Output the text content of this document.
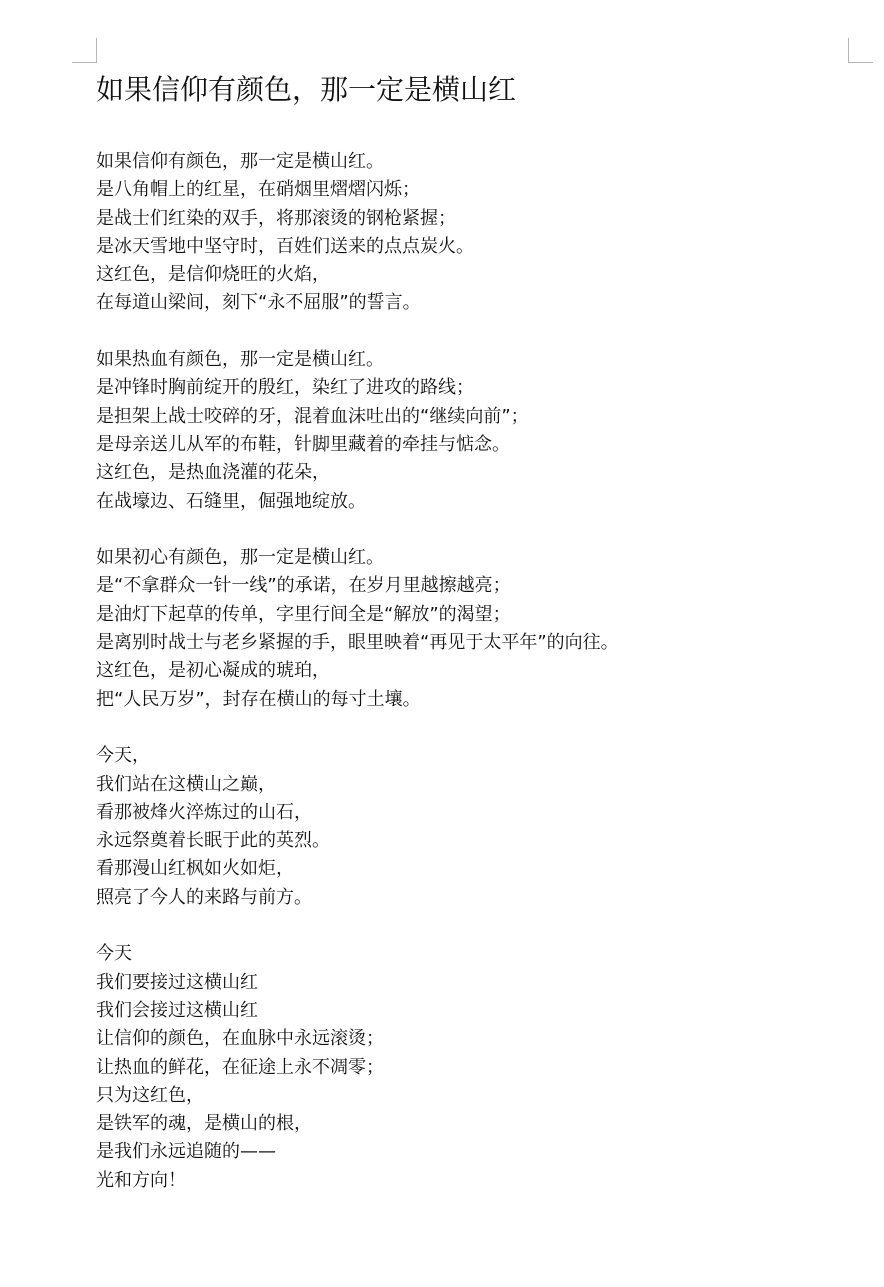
如果信仰有颜色，那一定是横山红
如果信仰有颜色，那一定是横山红。
是八角帽上的红星，在硝烟里熠熠闪烁；
是战士们红染的双手，将那滚烫的钢枪紧握；
是冰天雪地中坚守时，百姓们送来的点点炭火。
这红色，是信仰烧旺的火焰，
在每道山梁间，刻下“永不屈服”的誓言。
如果热血有颜色，那一定是横山红。
是冲锋时胸前绽开的殷红，染红了进攻的路线；
是担架上战士咬碎的牙，混着血沫吐出的“继续向前”；
是母亲送儿从军的布鞋，针脚里藏着的牵挂与惦念。
这红色，是热血浇灌的花朵，
在战壕边、石缝里，倔强地绽放。
如果初心有颜色，那一定是横山红。
是“不拿群众一针一线”的承诺，在岁月里越擦越亮；
是油灯下起草的传单，字里行间全是“解放”的渴望；
是离别时战士与老乡紧握的手，眼里映着“再见于太平年”的向往。
这红色，是初心凝成的琥珀，
把“人民万岁”，封存在横山的每寸土壤。
今天，
我们站在这横山之巅，
看那被烽火淬炼过的山石，
永远祭奠着长眠于此的英烈。
看那漫山红枫如火如炬，
照亮了今人的来路与前方。
今天
我们要接过这横山红
我们会接过这横山红
让信仰的颜色，在血脉中永远滚烫；
让热血的鲜花，在征途上永不凋零；
只为这红色，
是铁军的魂，是横山的根，
是我们永远追随的——
光和方向！
